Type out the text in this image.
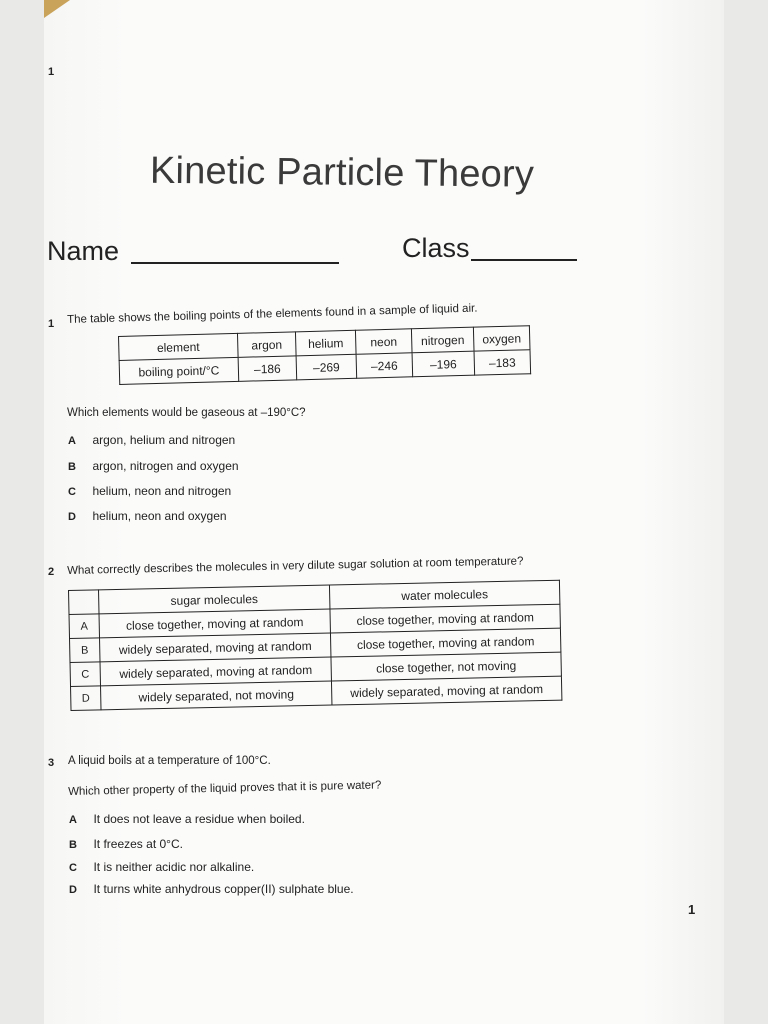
1
Kinetic Particle Theory
Name	Class
1 The table shows the boiling points of the elements found in a sample of liquid air.
element	argon	helium	neon	nitrogen	oxygen
boiling point/°C	–186	–269	–246	–196	–183
Which elements would be gaseous at –190°C?
A argon, helium and nitrogen
B argon, nitrogen and oxygen
C helium, neon and nitrogen
D helium, neon and oxygen
2 What correctly describes the molecules in very dilute sugar solution at room temperature?
	sugar molecules	water molecules
A	close together, moving at random	close together, moving at random
B	widely separated, moving at random	close together, moving at random
C	widely separated, moving at random	close together, not moving
D	widely separated, not moving	widely separated, moving at random
3 A liquid boils at a temperature of 100°C.
Which other property of the liquid proves that it is pure water?
A It does not leave a residue when boiled.
B It freezes at 0°C.
C It is neither acidic nor alkaline.
D It turns white anhydrous copper(II) sulphate blue.
1
